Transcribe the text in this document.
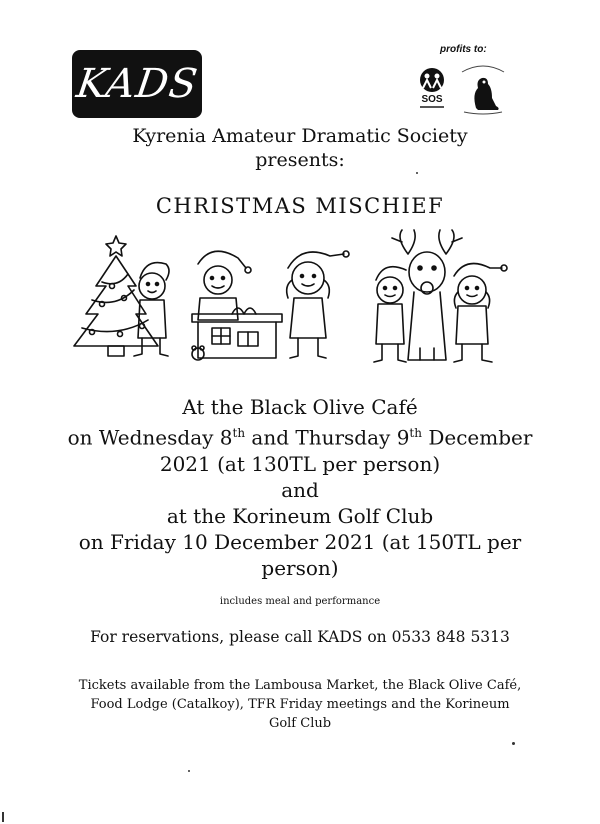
KADS
profits to:
SOS
Kyrenia Amateur Dramatic Society
presents:
CHRISTMAS MISCHIEF
At the Black Olive Café
on Wednesday 8th and Thursday 9th December
2021 (at 130TL per person)
and
at the Korineum Golf Club
on Friday 10 December 2021 (at 150TL per
person)
includes meal and performance
For reservations, please call KADS on 0533 848 5313
Tickets available from the Lambousa Market, the Black Olive Café,
Food Lodge (Catalkoy), TFR Friday meetings and the Korineum
Golf Club
